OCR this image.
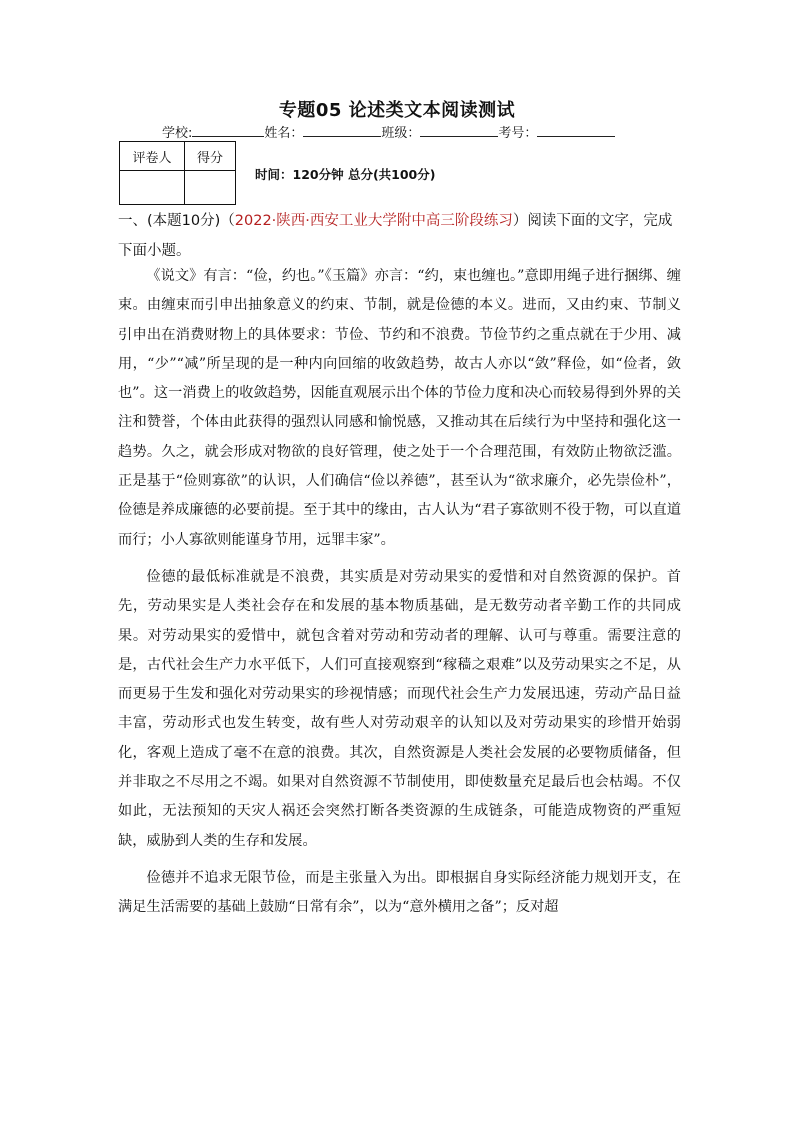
专题05 论述类文本阅读测试
学校:	姓名：	班级：	考号：
评卷人	得分

时间：120分钟 总分(共100分)
一、(本题10分)（2022·陕西·西安工业大学附中高三阶段练习）阅读下面的文字，完成下面小题。

《说文》有言：“俭，约也。”《玉篇》亦言：“约，束也缠也。”意即用绳子进行捆绑、缠束。由缠束而引申出抽象意义的约束、节制，就是俭德的本义。进而，又由约束、节制义引申出在消费财物上的具体要求：节俭、节约和不浪费。节俭节约之重点就在于少用、减用，“少”“减”所呈现的是一种内向回缩的收敛趋势，故古人亦以“敛”释俭，如“俭者，敛也”。这一消费上的收敛趋势，因能直观展示出个体的节俭力度和决心而较易得到外界的关注和赞誉，个体由此获得的强烈认同感和愉悦感，又推动其在后续行为中坚持和强化这一趋势。久之，就会形成对物欲的良好管理，使之处于一个合理范围，有效防止物欲泛滥。正是基于“俭则寡欲”的认识，人们确信“俭以养德”，甚至认为“欲求廉介，必先崇俭朴”，俭德是养成廉德的必要前提。至于其中的缘由，古人认为“君子寡欲则不役于物，可以直道而行；小人寡欲则能谨身节用，远罪丰家”。

俭德的最低标准就是不浪费，其实质是对劳动果实的爱惜和对自然资源的保护。首先，劳动果实是人类社会存在和发展的基本物质基础，是无数劳动者辛勤工作的共同成果。对劳动果实的爱惜中，就包含着对劳动和劳动者的理解、认可与尊重。需要注意的是，古代社会生产力水平低下，人们可直接观察到“稼穑之艰难”以及劳动果实之不足，从而更易于生发和强化对劳动果实的珍视情感；而现代社会生产力发展迅速，劳动产品日益丰富，劳动形式也发生转变，故有些人对劳动艰辛的认知以及对劳动果实的珍惜开始弱化，客观上造成了毫不在意的浪费。其次，自然资源是人类社会发展的必要物质储备，但并非取之不尽用之不竭。如果对自然资源不节制使用，即使数量充足最后也会枯竭。不仅如此，无法预知的天灾人祸还会突然打断各类资源的生成链条，可能造成物资的严重短缺，威胁到人类的生存和发展。

俭德并不追求无限节俭，而是主张量入为出。即根据自身实际经济能力规划开支，在满足生活需要的基础上鼓励“日常有余”，以为“意外横用之备”；反对超
